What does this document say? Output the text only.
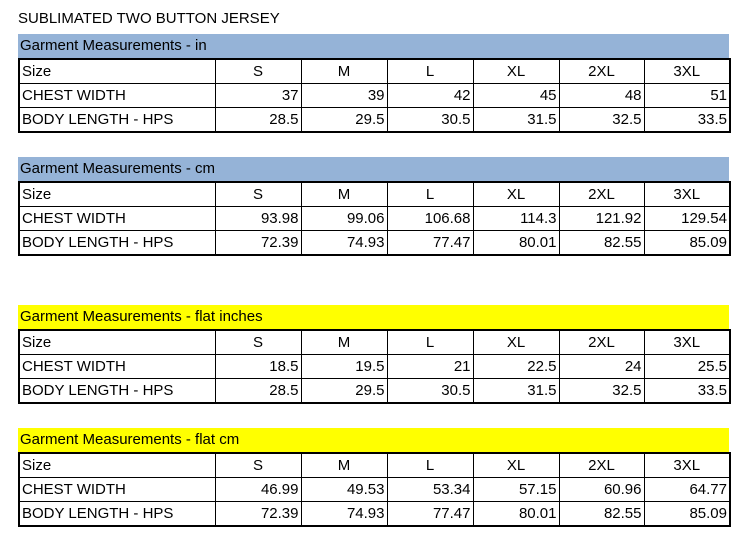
SUBLIMATED TWO BUTTON JERSEY
Garment Measurements - in
Size	S	M	L	XL	2XL	3XL
CHEST WIDTH	37	39	42	45	48	51
BODY LENGTH - HPS	28.5	29.5	30.5	31.5	32.5	33.5
Garment Measurements - cm
Size	S	M	L	XL	2XL	3XL
CHEST WIDTH	93.98	99.06	106.68	114.3	121.92	129.54
BODY LENGTH - HPS	72.39	74.93	77.47	80.01	82.55	85.09
Garment Measurements - flat inches
Size	S	M	L	XL	2XL	3XL
CHEST WIDTH	18.5	19.5	21	22.5	24	25.5
BODY LENGTH - HPS	28.5	29.5	30.5	31.5	32.5	33.5
Garment Measurements - flat cm
Size	S	M	L	XL	2XL	3XL
CHEST WIDTH	46.99	49.53	53.34	57.15	60.96	64.77
BODY LENGTH - HPS	72.39	74.93	77.47	80.01	82.55	85.09
